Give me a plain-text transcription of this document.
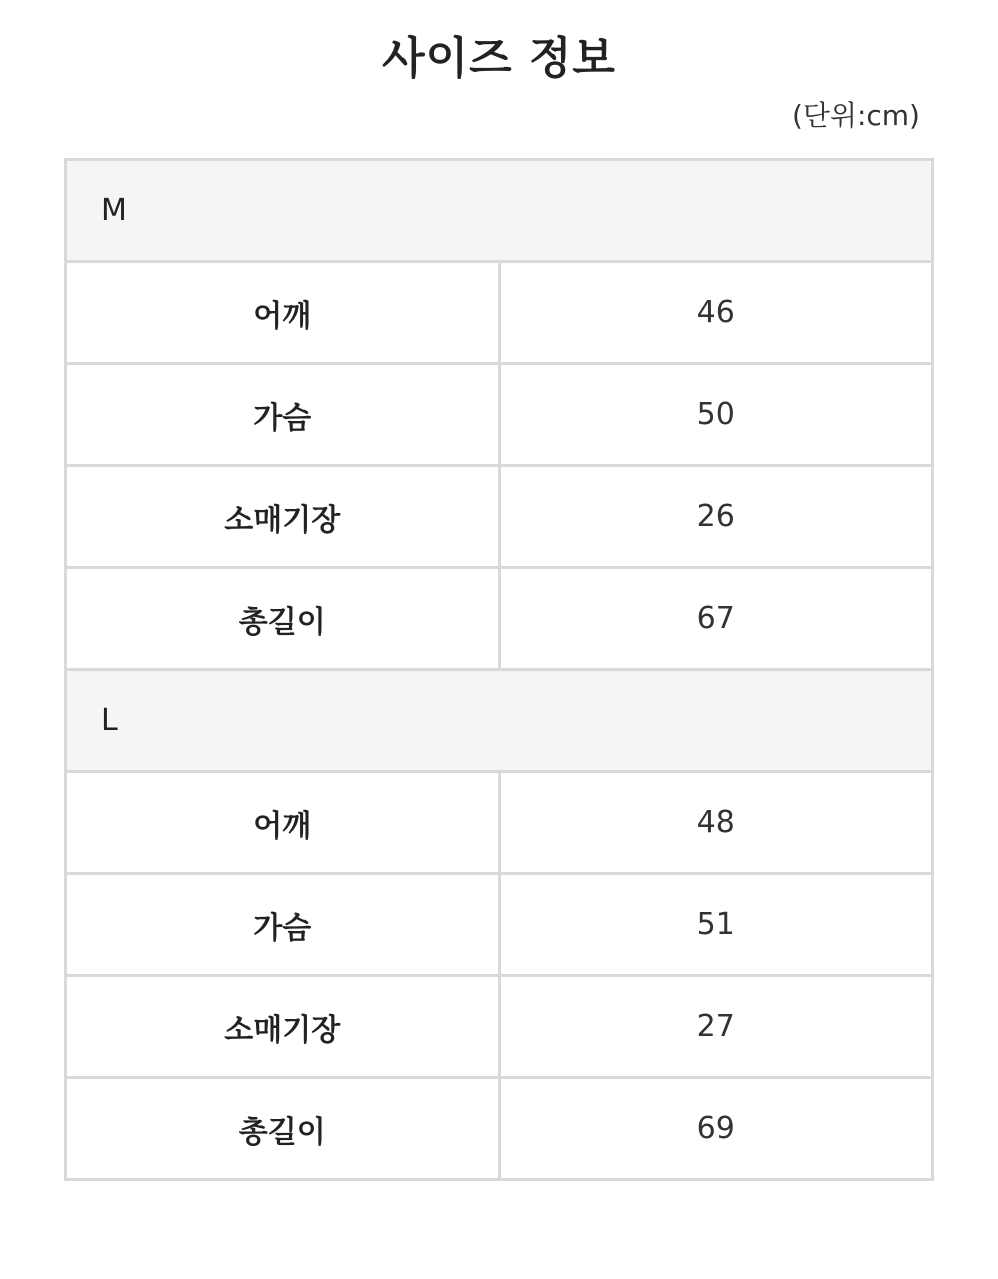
사이즈 정보
(단위:cm)
M	
어깨	46
가슴	50
소매기장	26
총길이	67
L	
어깨	48
가슴	51
소매기장	27
총길이	69
